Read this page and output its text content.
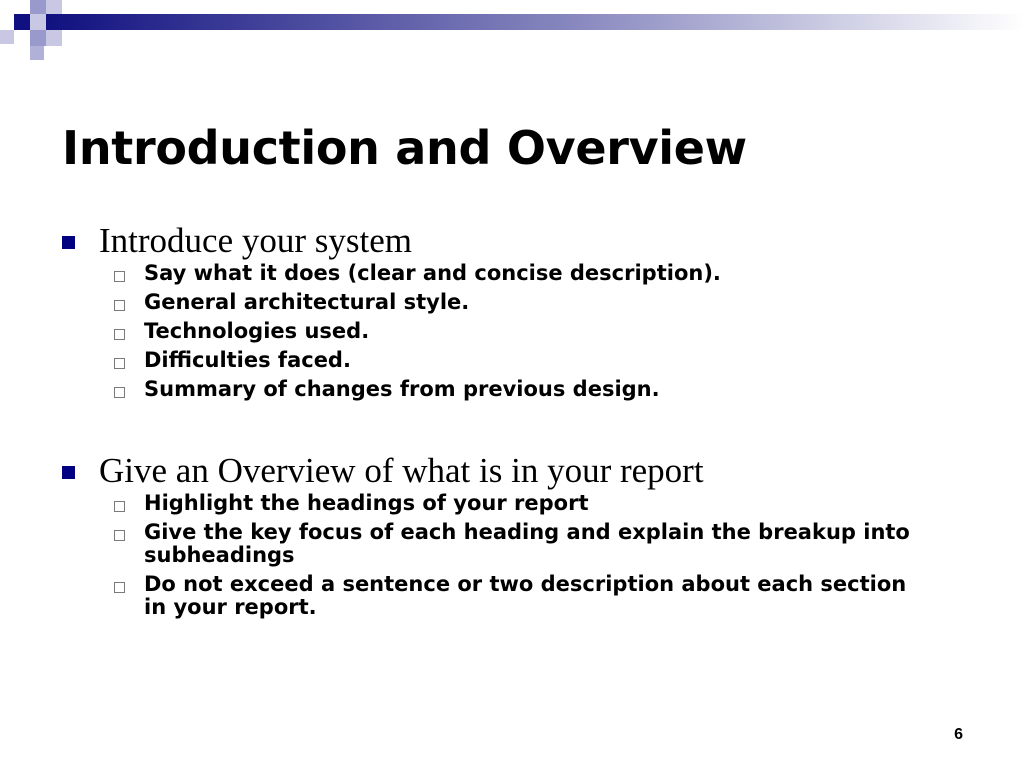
Introduction and Overview
Introduce your system
Say what it does (clear and concise description).
General architectural style.
Technologies used.
Difficulties faced.
Summary of changes from previous design.
Give an Overview of what is in your report
Highlight the headings of your report
Give the key focus of each heading and explain the breakup into subheadings
Do not exceed a sentence or two description about each section in your report.
6
